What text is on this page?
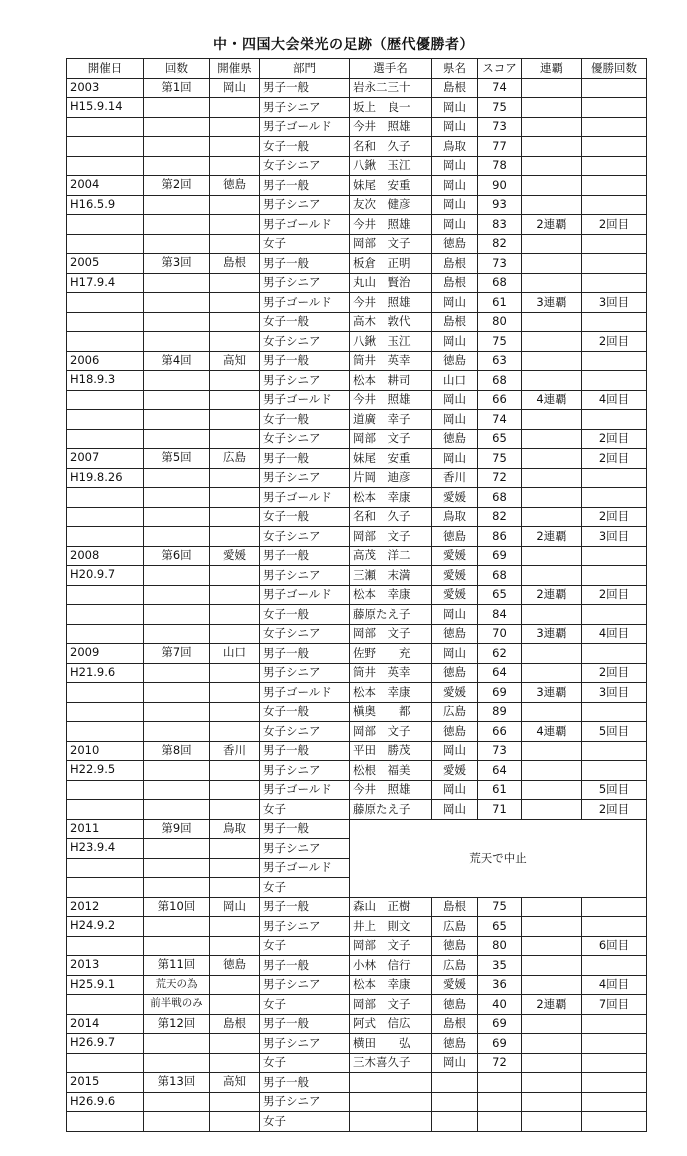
中・四国大会栄光の足跡（歴代優勝者）
開催日	回数	開催県	部門	選手名	県名	スコア	連覇	優勝回数
2003	第1回	岡山	男子一般	岩永二三十	島根	74		
H15.9.14			男子シニア	坂上　良一	岡山	75		
			男子ゴールド	今井　照雄	岡山	73		
			女子一般	名和　久子	鳥取	77		
			女子シニア	八鍬　玉江	岡山	78		
2004	第2回	徳島	男子一般	妹尾　安重	岡山	90		
H16.5.9			男子シニア	友次　健彦	岡山	93		
			男子ゴールド	今井　照雄	岡山	83	2連覇	2回目
			女子	岡部　文子	徳島	82		
2005	第3回	島根	男子一般	板倉　正明	島根	73		
H17.9.4			男子シニア	丸山　賢治	島根	68		
			男子ゴールド	今井　照雄	岡山	61	3連覇	3回目
			女子一般	高木　敦代	島根	80		
			女子シニア	八鍬　玉江	岡山	75		2回目
2006	第4回	高知	男子一般	筒井　英幸	徳島	63		
H18.9.3			男子シニア	松本　耕司	山口	68		
			男子ゴールド	今井　照雄	岡山	66	4連覇	4回目
			女子一般	道廣　幸子	岡山	74		
			女子シニア	岡部　文子	徳島	65		2回目
2007	第5回	広島	男子一般	妹尾　安重	岡山	75		2回目
H19.8.26			男子シニア	片岡　迪彦	香川	72		
			男子ゴールド	松本　幸康	愛媛	68		
			女子一般	名和　久子	鳥取	82		2回目
			女子シニア	岡部　文子	徳島	86	2連覇	3回目
2008	第6回	愛媛	男子一般	高茂　洋二	愛媛	69		
H20.9.7			男子シニア	三瀬　末満	愛媛	68		
			男子ゴールド	松本　幸康	愛媛	65	2連覇	2回目
			女子一般	藤原たえ子	岡山	84		
			女子シニア	岡部　文子	徳島	70	3連覇	4回目
2009	第7回	山口	男子一般	佐野　　充	岡山	62		
H21.9.6			男子シニア	筒井　英幸	徳島	64		2回目
			男子ゴールド	松本　幸康	愛媛	69	3連覇	3回目
			女子一般	槇奥　　都	広島	89		
			女子シニア	岡部　文子	徳島	66	4連覇	5回目
2010	第8回	香川	男子一般	平田　勝茂	岡山	73		
H22.9.5			男子シニア	松根　福美	愛媛	64		
			男子ゴールド	今井　照雄	岡山	61		5回目
			女子	藤原たえ子	岡山	71		2回目
2011	第9回	鳥取	男子一般	荒天で中止				
H23.9.4			男子シニア					
			男子ゴールド					
			女子					
2012	第10回	岡山	男子一般	森山　正樹	島根	75		
H24.9.2			男子シニア	井上　則文	広島	65		
			女子	岡部　文子	徳島	80		6回目
2013	第11回	徳島	男子一般	小林　信行	広島	35		
H25.9.1	荒天の為		男子シニア	松本　幸康	愛媛	36		4回目
	前半戦のみ		女子	岡部　文子	徳島	40	2連覇	7回目
2014	第12回	島根	男子一般	阿式　信広	島根	69		
H26.9.7			男子シニア	横田　　弘	徳島	69		
			女子	三木喜久子	岡山	72		
2015	第13回	高知	男子一般					
H26.9.6			男子シニア					
			女子					
